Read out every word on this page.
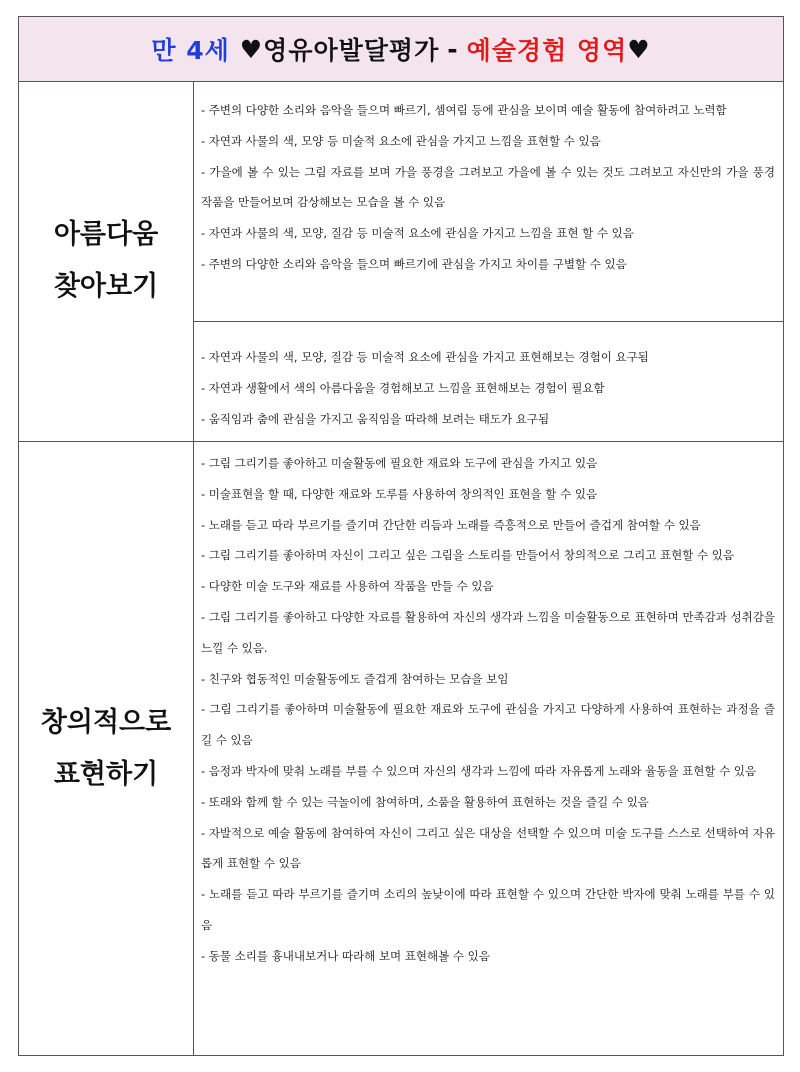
만 4세 ♥ 영유아발달평가 - 예술경험 영역 ♥
아름다움
찾아보기

- 주변의 다양한 소리와 음악을 들으며 빠르기, 셈여림 등에 관심을 보이며 예술 활동에 참여하려고 노력함

- 자연과 사물의 색, 모양 등 미술적 요소에 관심을 가지고 느낌을 표현할 수 있음

- 가을에 볼 수 있는 그림 자료를 보며 가을 풍경을 그려보고 가을에 볼 수 있는 것도 그려보고 자신만의 가을 풍경 작품을 만들어보며 감상해보는 모습을 볼 수 있음

- 자연과 사물의 색, 모양, 질감 등 미술적 요소에 관심을 가지고 느낌을 표현 할 수 있음

- 주변의 다양한 소리와 음악을 들으며 빠르기에 관심을 가지고 차이를 구별할 수 있음

- 자연과 사물의 색, 모양, 질감 등 미술적 요소에 관심을 가지고 표현해보는 경험이 요구됨

- 자연과 생활에서 색의 아름다움을 경험해보고 느낌을 표현해보는 경험이 필요함

- 움직임과 춤에 관심을 가지고 움직임을 따라해 보려는 태도가 요구됨

창의적으로
표현하기

- 그림 그리기를 좋아하고 미술활동에 필요한 재료와 도구에 관심을 가지고 있음

- 미술표현을 할 때, 다양한 재료와 도루를 사용하여 창의적인 표현을 할 수 있음

- 노래를 듣고 따라 부르기를 즐기며 간단한 리듬과 노래를 즉흥적으로 만들어 즐겁게 참여할 수 있음

- 그림 그리기를 좋아하며 자신이 그리고 싶은 그림을 스토리를 만들어서 창의적으로 그리고 표현할 수 있음

- 다양한 미술 도구와 재료를 사용하여 작품을 만들 수 있음

- 그림 그리기를 좋아하고 다양한 자료를 활용하여 자신의 생각과 느낌을 미술활동으로 표현하며 만족감과 성취감을 느낄 수 있음.

- 친구와 협동적인 미술활동에도 즐겁게 참여하는 모습을 보임

- 그림 그리기를 좋아하며 미술활동에 필요한 재료와 도구에 관심을 가지고 다양하게 사용하여 표현하는 과정을 즐길 수 있음

- 음정과 박자에 맞춰 노래를 부를 수 있으며 자신의 생각과 느낌에 따라 자유롭게 노래와 율동을 표현할 수 있음

- 또래와 함께 할 수 있는 극놀이에 참여하며, 소품을 활용하여 표현하는 것을 즐길 수 있음

- 자발적으로 예술 활동에 참여하여 자신이 그리고 싶은 대상을 선택할 수 있으며 미술 도구를 스스로 선택하여 자유롭게 표현할 수 있음

- 노래를 듣고 따라 부르기를 즐기며 소리의 높낮이에 따라 표현할 수 있으며 간단한 박자에 맞춰 노래를 부를 수 있음

- 동물 소리를 흉내내보거나 따라해 보며 표현해볼 수 있음
